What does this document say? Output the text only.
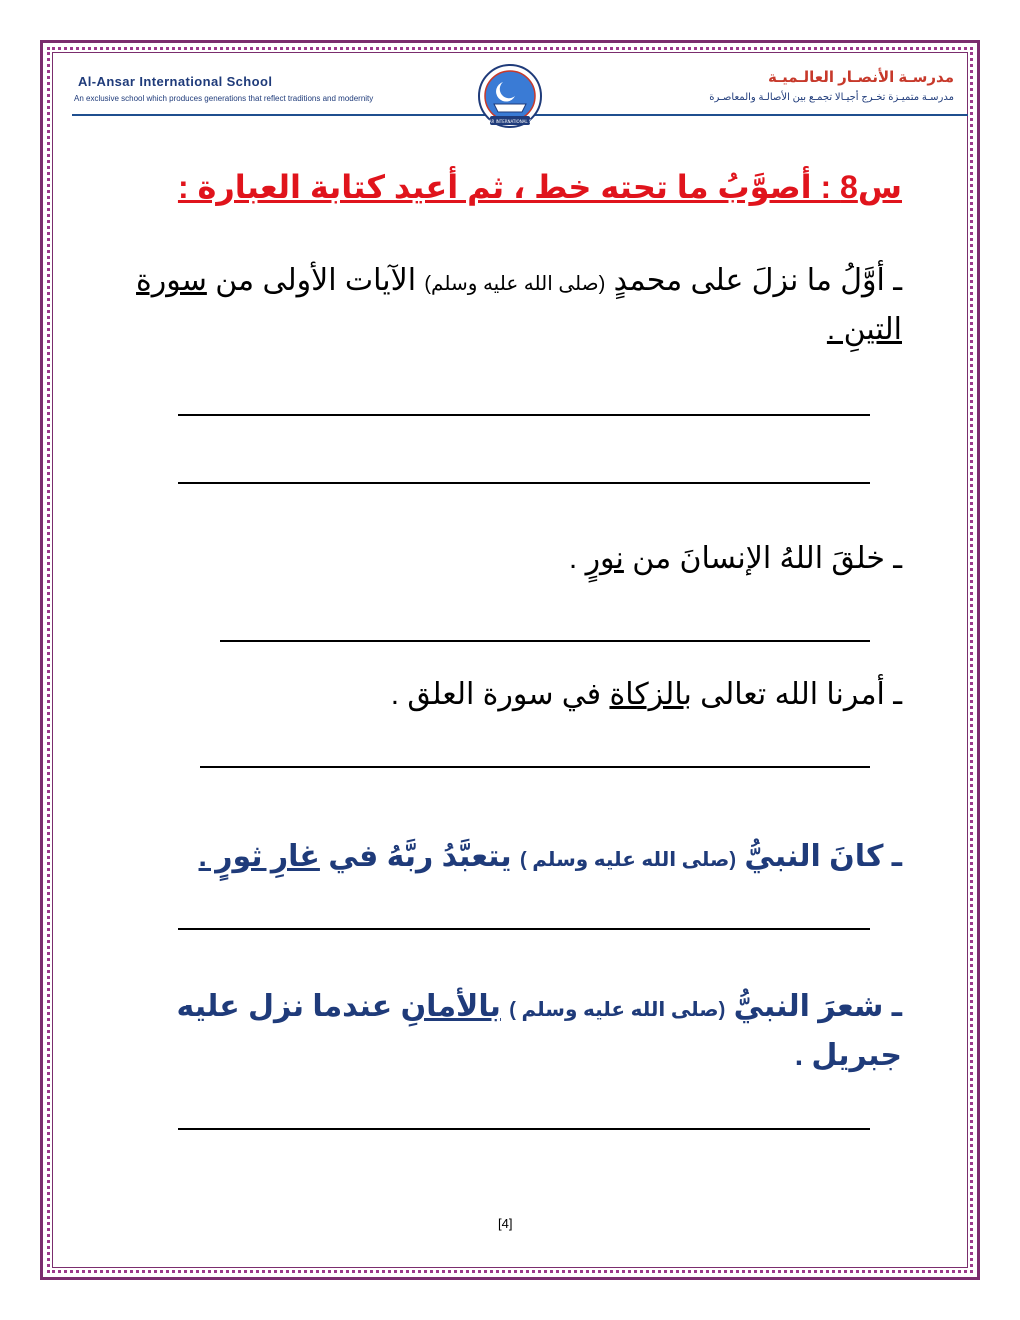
Al-Ansar International School
An exclusive school which produces generations that reflect traditions and modernity
مدرسـة الأنصـار العالـميـة
مدرسـة متميـزة تخـرج أجيـالا تجمـع بين الأصالـة والمعاصـرة
AL-ANSAR INTERNATIONAL SCHOOL
س8 : أصوَّبُ ما تحته خط ، ثم أعيد كتابة العبارة :
ـ أوَّلُ ما نزلَ على محمدٍ (صلى الله عليه وسلم) الآيات الأولى من سورة التينِ .
ـ خلقَ اللهُ الإنسانَ من نورٍ .
ـ أمرنا الله تعالى بالزكاة في سورة العلق .
ـ كانَ النبيُّ (صلى الله عليه وسلم ) يتعبَّدُ ربَّهُ في غارِ ثورٍ .
ـ شعرَ النبيُّ (صلى الله عليه وسلم ) بالأمانِ عندما نزل عليه جبريل .
[4]
